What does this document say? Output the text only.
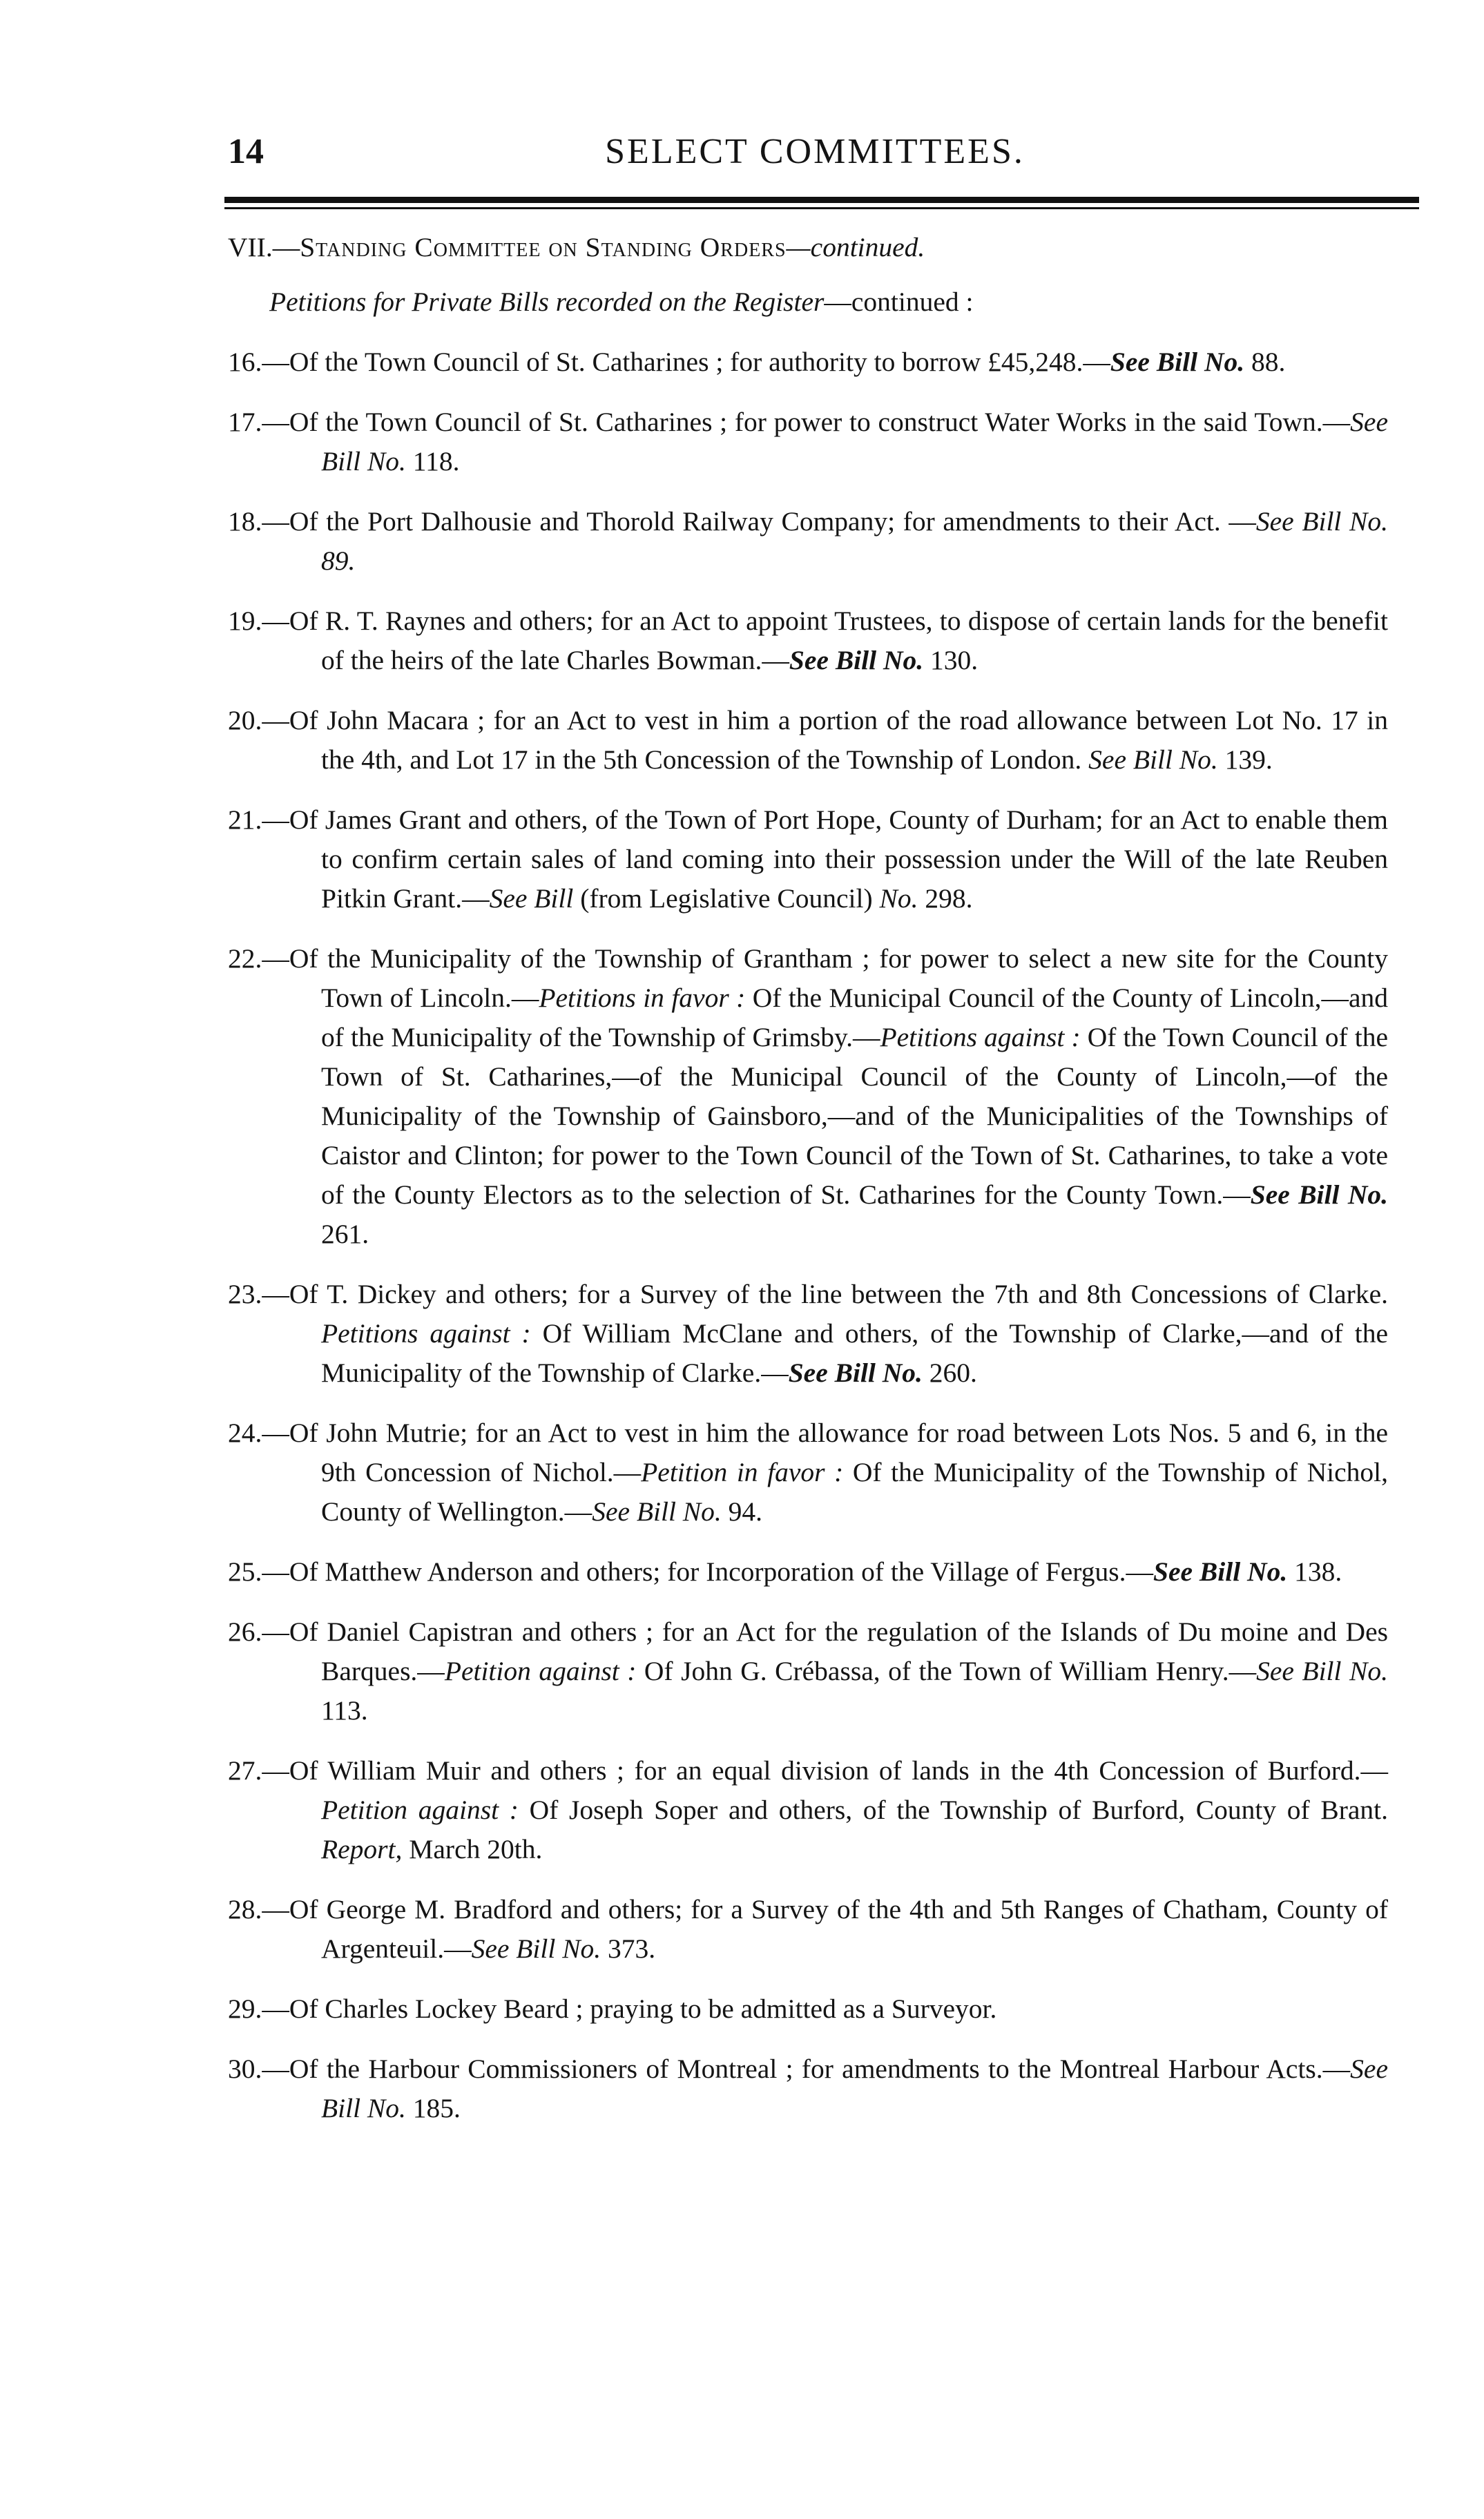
14	SELECT COMMITTEES.
VII.—Standing Committee on Standing Orders—continued.
Petitions for Private Bills recorded on the Register—continued :
16.—Of the Town Council of St. Catharines ; for authority to borrow £45,248.—See Bill No. 88.
17.—Of the Town Council of St. Catharines ; for power to construct Water Works in the said Town.—See Bill No. 118.
18.—Of the Port Dalhousie and Thorold Railway Company; for amendments to their Act. —See Bill No. 89.
19.—Of R. T. Raynes and others; for an Act to appoint Trustees, to dispose of certain lands for the benefit of the heirs of the late Charles Bowman.—See Bill No. 130.
20.—Of John Macara ; for an Act to vest in him a portion of the road allowance between Lot No. 17 in the 4th, and Lot 17 in the 5th Concession of the Township of London. See Bill No. 139.
21.—Of James Grant and others, of the Town of Port Hope, County of Durham; for an Act to enable them to confirm certain sales of land coming into their possession under the Will of the late Reuben Pitkin Grant.—See Bill (from Legislative Council) No. 298.
22.—Of the Municipality of the Township of Grantham ; for power to select a new site for the County Town of Lincoln.—Petitions in favor : Of the Municipal Council of the County of Lincoln,—and of the Municipality of the Township of Grimsby.—Petitions against : Of the Town Council of the Town of St. Catharines,—of the Municipal Council of the County of Lincoln,—of the Municipality of the Township of Gainsboro,—and of the Municipalities of the Townships of Caistor and Clinton; for power to the Town Council of the Town of St. Catharines, to take a vote of the County Electors as to the selection of St. Catharines for the County Town.—See Bill No. 261.
23.—Of T. Dickey and others; for a Survey of the line between the 7th and 8th Concessions of Clarke. Petitions against : Of William McClane and others, of the Township of Clarke,—and of the Municipality of the Township of Clarke.—See Bill No. 260.
24.—Of John Mutrie; for an Act to vest in him the allowance for road between Lots Nos. 5 and 6, in the 9th Concession of Nichol.—Petition in favor : Of the Municipality of the Township of Nichol, County of Wellington.—See Bill No. 94.
25.—Of Matthew Anderson and others; for Incorporation of the Village of Fergus.—See Bill No. 138.
26.—Of Daniel Capistran and others ; for an Act for the regulation of the Islands of Du moine and Des Barques.—Petition against : Of John G. Crébassa, of the Town of William Henry.—See Bill No. 113.
27.—Of William Muir and others ; for an equal division of lands in the 4th Concession of Burford.—Petition against : Of Joseph Soper and others, of the Township of Burford, County of Brant. Report, March 20th.
28.—Of George M. Bradford and others; for a Survey of the 4th and 5th Ranges of Chatham, County of Argenteuil.—See Bill No. 373.
29.—Of Charles Lockey Beard ; praying to be admitted as a Surveyor.
30.—Of the Harbour Commissioners of Montreal ; for amendments to the Montreal Harbour Acts.—See Bill No. 185.
